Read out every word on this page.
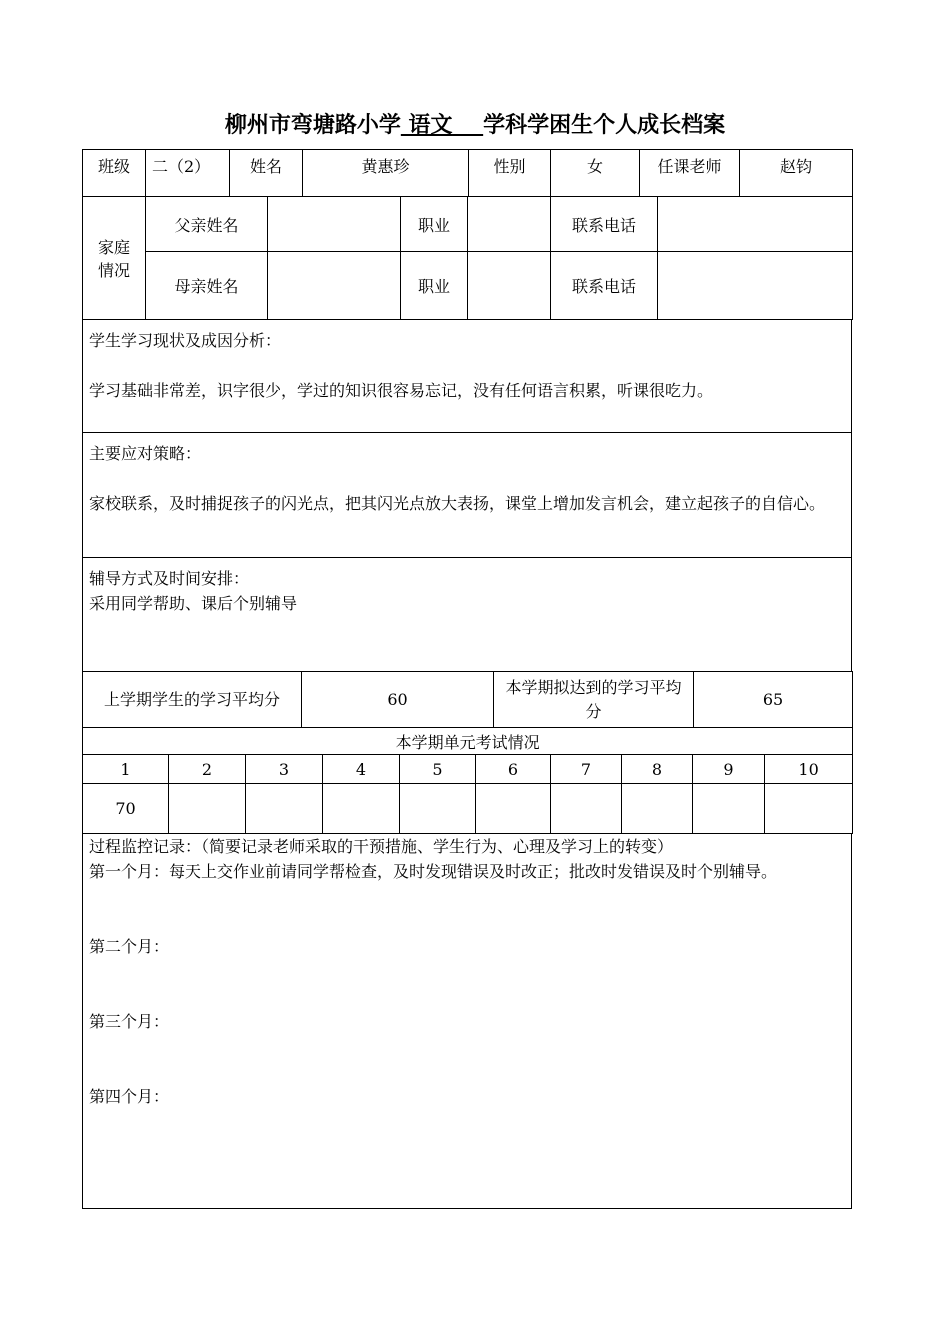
柳州市弯塘路小学 语文 学科学困生个人成长档案
班级	二（2）	姓名	黄惠珍	性别	女	任课老师	赵钧
家庭
情况	父亲姓名		职业		联系电话	
	母亲姓名		职业		联系电话	

学生学习现状及成因分析：

学习基础非常差，识字很少，学过的知识很容易忘记，没有任何语言积累，听课很吃力。

主要应对策略：

家校联系，及时捕捉孩子的闪光点，把其闪光点放大表扬，课堂上增加发言机会，建立起孩子的自信心。

辅导方式及时间安排：

采用同学帮助、课后个别辅导

上学期学生的学习平均分	60	本学期拟达到的学习平均分	65
本学期单元考试情况									
1	2	3	4	5	6	7	8	9	10
70									

过程监控记录：（简要记录老师采取的干预措施、学生行为、心理及学习上的转变）

第一个月：每天上交作业前请同学帮检查，及时发现错误及时改正；批改时发错误及时个别辅导。

第二个月：

第三个月：

第四个月：
